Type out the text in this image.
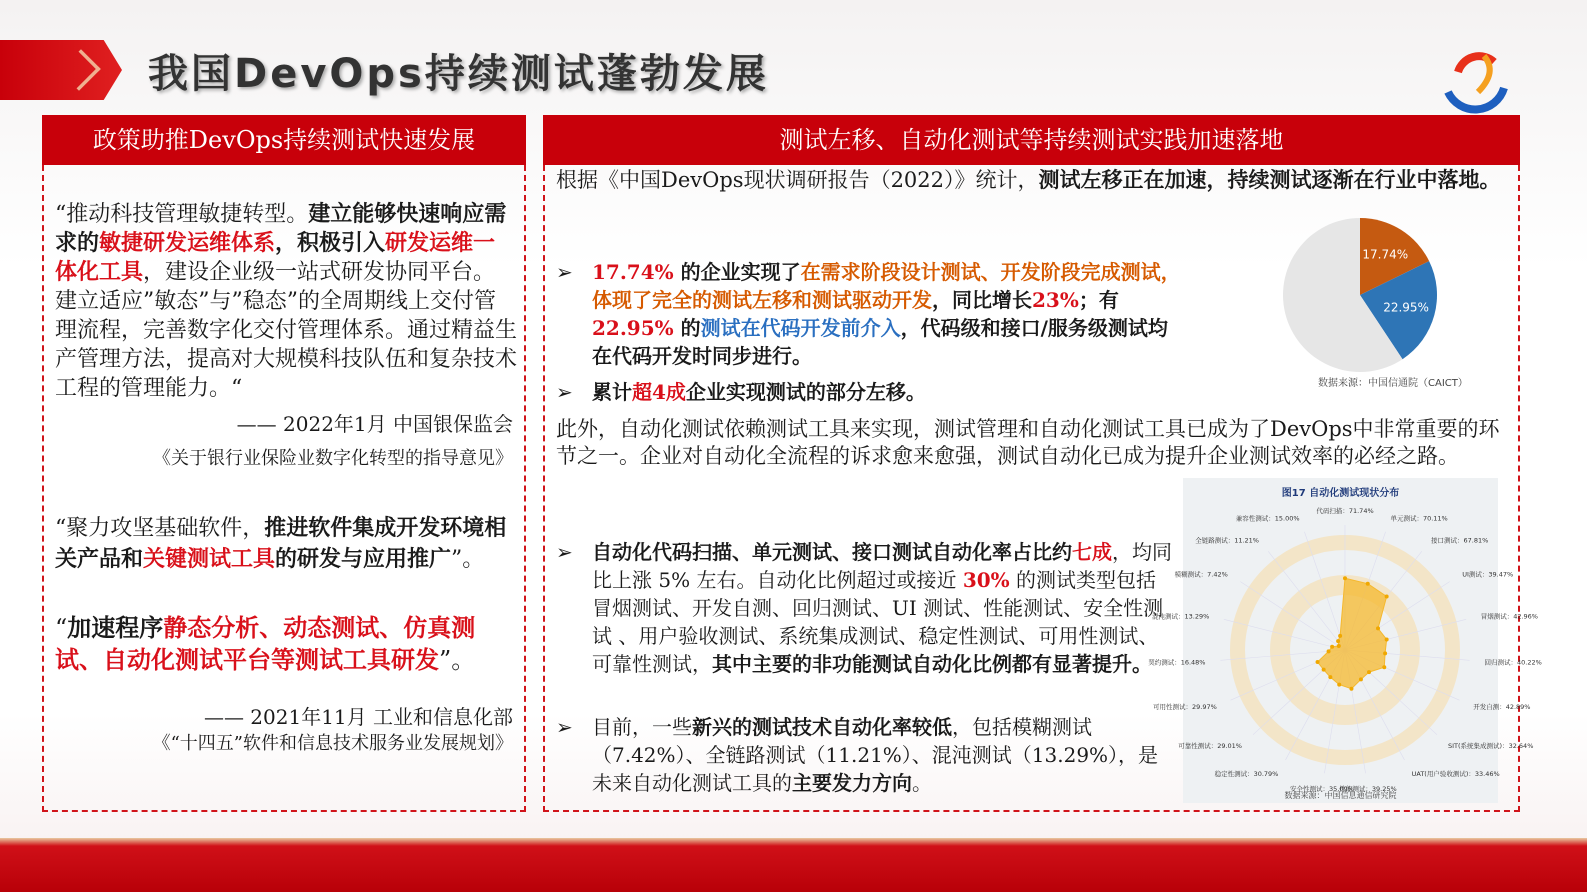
我国DevOps持续测试蓬勃发展
政策助推DevOps持续测试快速发展
“推动科技管理敏捷转型。建立能够快速响应需求的敏捷研发运维体系，积极引入研发运维一体化工具，建设企业级一站式研发协同平台。建立适应”敏态”与”稳态”的全周期线上交付管理流程，完善数字化交付管理体系。通过精益生产管理方法，提高对大规模科技队伍和复杂技术工程的管理能力。“
—— 2022年1月 中国银保监会
《关于银行业保险业数字化转型的指导意见》
“聚力攻坚基础软件，推进软件集成开发环境相关产品和关键测试工具的研发与应用推广”。
“加速程序静态分析、动态测试、仿真测试、自动化测试平台等测试工具研发”。
—— 2021年11月 工业和信息化部
《“十四五”软件和信息技术服务业发展规划》
测试左移、自动化测试等持续测试实践加速落地
根据《中国DevOps现状调研报告（2022）》统计，测试左移正在加速，持续测试逐渐在行业中落地。
➢ 17.74% 的企业实现了在需求阶段设计测试、开发阶段完成测试，体现了完全的测试左移和测试驱动开发，同比增长23%；有 22.95% 的测试在代码开发前介入，代码级和接口/服务级测试均在代码开发时同步进行。
➢ 累计超4成企业实现测试的部分左移。
此外，自动化测试依赖测试工具来实现，测试管理和自动化测试工具已成为了DevOps中非常重要的环节之一。企业对自动化全流程的诉求愈来愈强，测试自动化已成为提升企业测试效率的必经之路。
➢ 自动化代码扫描、单元测试、接口测试自动化率占比约七成，均同比上涨 5% 左右。自动化比例超过或接近 30% 的测试类型包括冒烟测试、开发自测、回归测试、UI 测试、性能测试、安全性测试 、用户验收测试、系统集成测试、稳定性测试、可用性测试、可靠性测试，其中主要的非功能测试自动化比例都有显著提升。
➢ 目前，一些新兴的测试技术自动化率较低，包括模糊测试（7.42%）、全链路测试（11.21%）、混沌测试（13.29%），是未来自动化测试工具的主要发力方向。
17.74%
22.95%
数据来源：中国信通院（CAICT）
图17 自动化测试现状分布
代码扫描：71.74%
单元测试：70.11%
接口测试：67.81%
UI测试：39.47%
冒烟测试：42.96%
回归测试：40.22%
开发自测：42.89%
SIT(系统集成测试)：32.64%
UAT(用户验收测试)：33.46%
性能测试：39.25%
安全性测试：35.09%
稳定性测试：30.79%
可靠性测试：29.01%
可用性测试：29.97%
契约测试：16.48%
混沌测试：13.29%
模糊测试：7.42%
全链路测试：11.21%
兼容性测试：15.00%
数据来源：中国信息通信研究院
